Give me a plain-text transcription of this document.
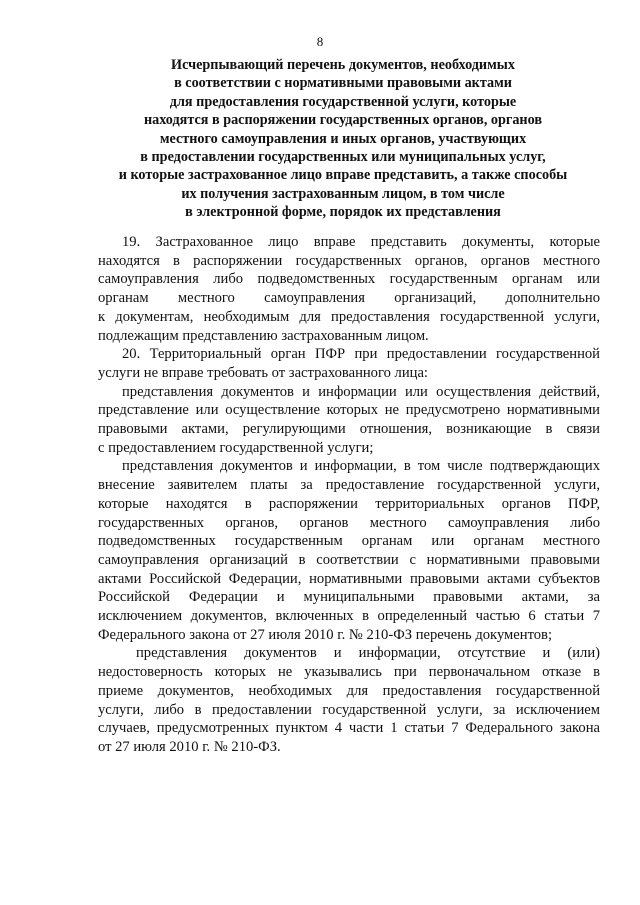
8
Исчерпывающий перечень документов, необходимых
в соответствии с нормативными правовыми актами
для предоставления государственной услуги, которые
находятся в распоряжении государственных органов, органов
местного самоуправления и иных органов, участвующих
в предоставлении государственных или муниципальных услуг,
и которые застрахованное лицо вправе представить, а также способы
их получения застрахованным лицом, в том числе
в электронной форме, порядок их представления

19. Застрахованное лицо вправе представить документы, которые
находятся в распоряжении государственных органов, органов местного
самоуправления либо подведомственных государственным органам или
органам местного самоуправления организаций, дополнительно
к документам, необходимым для предоставления государственной услуги,
подлежащим представлению застрахованным лицом.

20. Территориальный орган ПФР при предоставлении государственной
услуги не вправе требовать от застрахованного лица:

представления документов и информации или осуществления действий,
представление или осуществление которых не предусмотрено нормативными
правовыми актами, регулирующими отношения, возникающие в связи
с предоставлением государственной услуги;

представления документов и информации, в том числе подтверждающих
внесение заявителем платы за предоставление государственной услуги,
которые находятся в распоряжении территориальных органов ПФР,
государственных органов, органов местного самоуправления либо
подведомственных государственным органам или органам местного
самоуправления организаций в соответствии с нормативными правовыми
актами Российской Федерации, нормативными правовыми актами субъектов
Российской Федерации и муниципальными правовыми актами, за
исключением документов, включенных в определенный частью 6 статьи 7
Федерального закона от 27 июля 2010 г. № 210-ФЗ перечень документов;

представления документов и информации, отсутствие и (или)
недостоверность которых не указывались при первоначальном отказе в
приеме документов, необходимых для предоставления государственной
услуги, либо в предоставлении государственной услуги, за исключением
случаев, предусмотренных пунктом 4 части 1 статьи 7 Федерального закона
от 27 июля 2010 г. № 210-ФЗ.
